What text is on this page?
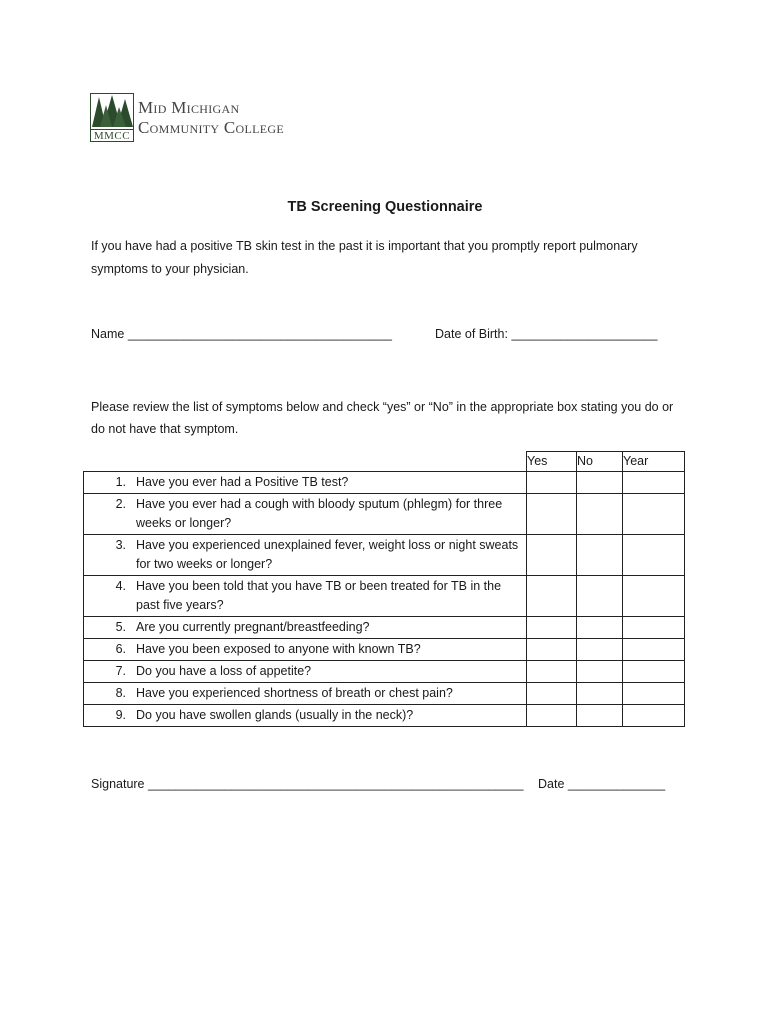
MMCC
Mid Michigan
Community College
TB Screening Questionnaire
If you have had a positive TB skin test in the past it is important that you promptly report pulmonary symptoms to your physician.
Name ______________________________________	Date of Birth: _____________________
Please review the list of symptoms below and check “yes” or “No” in the appropriate box stating you do or do not have that symptom.
	Yes	No	Year

1. Have you ever had a Positive TB test?			

2. Have you ever had a cough with bloody sputum (phlegm) for three weeks or longer?			

3. Have you experienced unexplained fever, weight loss or night sweats for two weeks or longer?			

4. Have you been told that you have TB or been treated for TB in the past five years?			

5. Are you currently pregnant/breastfeeding?			

6. Have you been exposed to anyone with known TB?			

7. Do you have a loss of appetite?			

8. Have you experienced shortness of breath or chest pain?			

9. Do you have swollen glands (usually in the neck)?			

Signature ______________________________________________________ Date ______________
